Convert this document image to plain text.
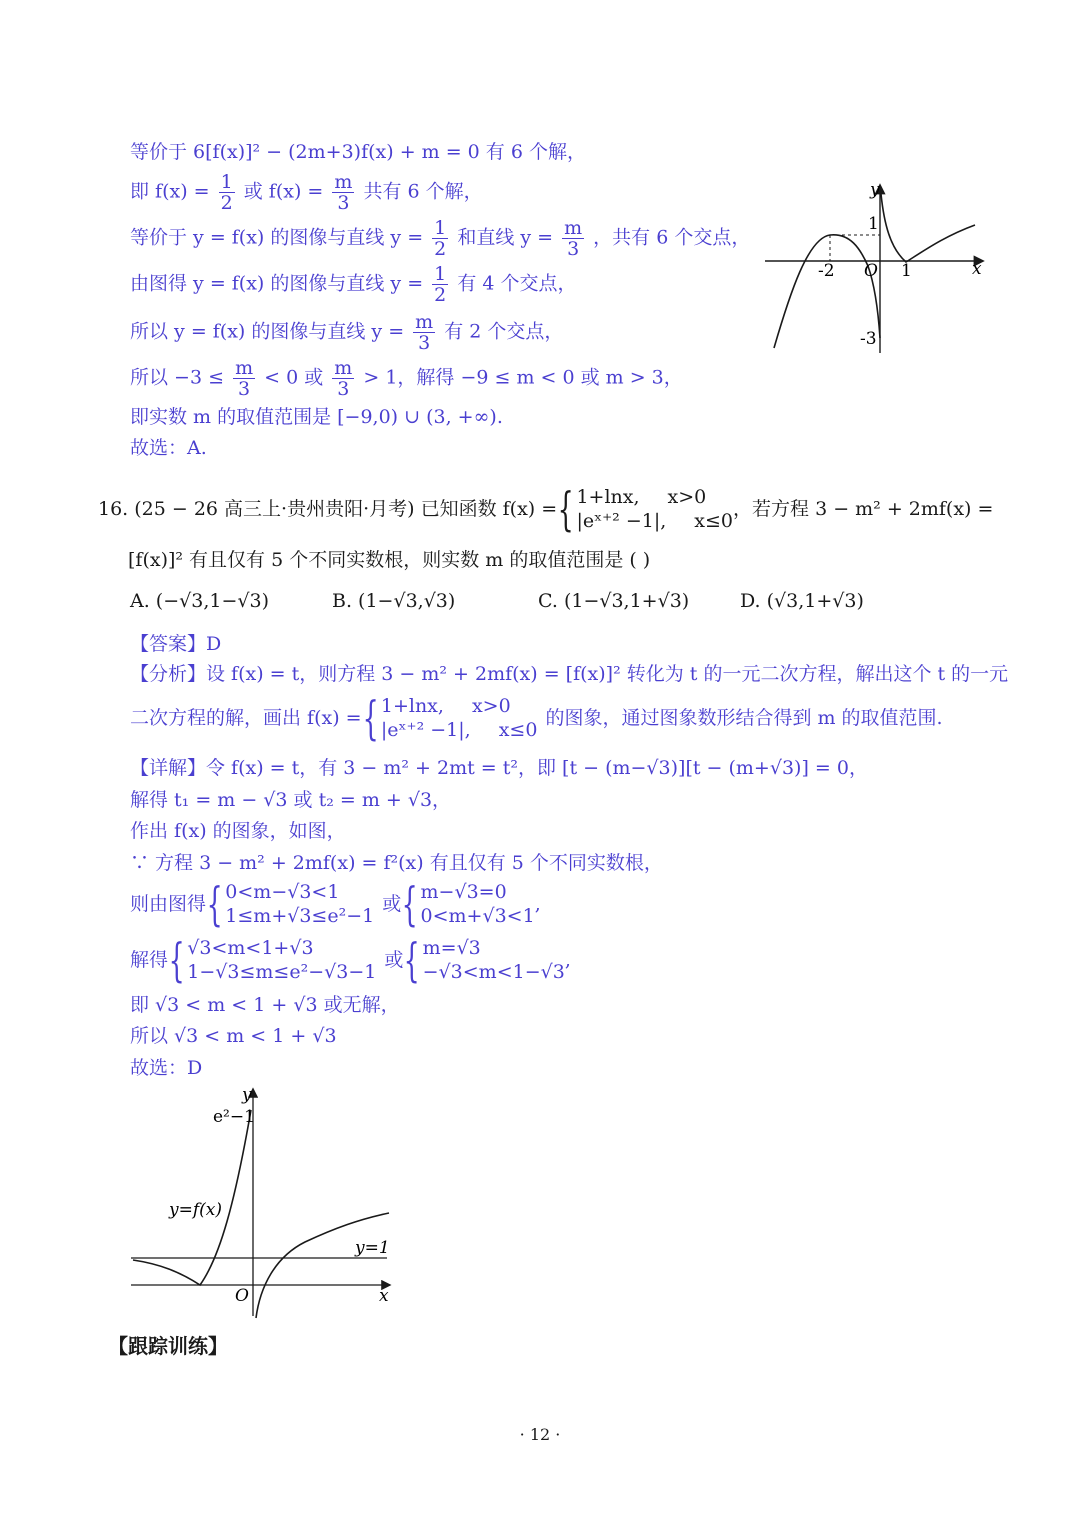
等价于 6[f(x)]² − (2m+3)f(x) + m = 0 有 6 个解，
即 $f(x) = \frac{1}{2}$ 或 $f(x) = \frac{m}{3}$ 共有 6 个解，
等价于 y = f(x) 的图像与直线 $y = \frac{1}{2}$ 和直线 $y = \frac{m}{3}$ ，共有 6 个交点，
由图得 y = f(x) 的图像与直线 $y = \frac{1}{2}$ 有 4 个交点，
所以 y = f(x) 的图像与直线 $y = \frac{m}{3}$ 有 2 个交点，
所以 $-3 \le \frac{m}{3} < 0$ 或 $\frac{m}{3} > 1$，解得 −9 ≤ m < 0 或 m > 3，
即实数 m 的取值范围是 [−9,0) ∪ (3, +∞).
故选：A.
y
x
O
-2	1
1
-3
16. (25 − 26 高三上·贵州贵阳·月考) 已知函数 f(x) = { 1+lnx, x>0
|eˣ⁺² −1|, x≤0
，若方程 3 − m² + 2mf(x) =
[f(x)]² 有且仅有 5 个不同实数根，则实数 m 的取值范围是 ( )
A. (−√3,1−√3)	B. (1−√3,√3)	C. (1−√3,1+√3)	D. (√3,1+√3)
【答案】D
【分析】设 f(x) = t，则方程 3 − m² + 2mf(x) = [f(x)]² 转化为 t 的一元二次方程，解出这个 t 的一元
二次方程的解，画出 f(x) = { 1+lnx, x>0
|eˣ⁺² −1|, x≤0
的图象，通过图象数形结合得到 m 的取值范围.
【详解】令 f(x) = t，有 3 − m² + 2mt = t²，即 [t − (m−√3)][t − (m+√3)] = 0，
解得 t₁ = m − √3 或 t₂ = m + √3，
作出 f(x) 的图象，如图，
∵ 方程 3 − m² + 2mf(x) = f²(x) 有且仅有 5 个不同实数根，
则由图得 { 0<m−√3<1
1≤m+√3≤e²−1
或 { m−√3=0
0<m+√3<1
,
解得 { √3<m<1+√3
1−√3≤m≤e²−√3−1
或 { m=√3
−√3<m<1−√3
,
即 √3 < m < 1 + √3 或无解，
所以 √3 < m < 1 + √3
故选：D
y
x
O
e²−1
y=f(x)
y=1
【跟踪训练】
· 12 ·
